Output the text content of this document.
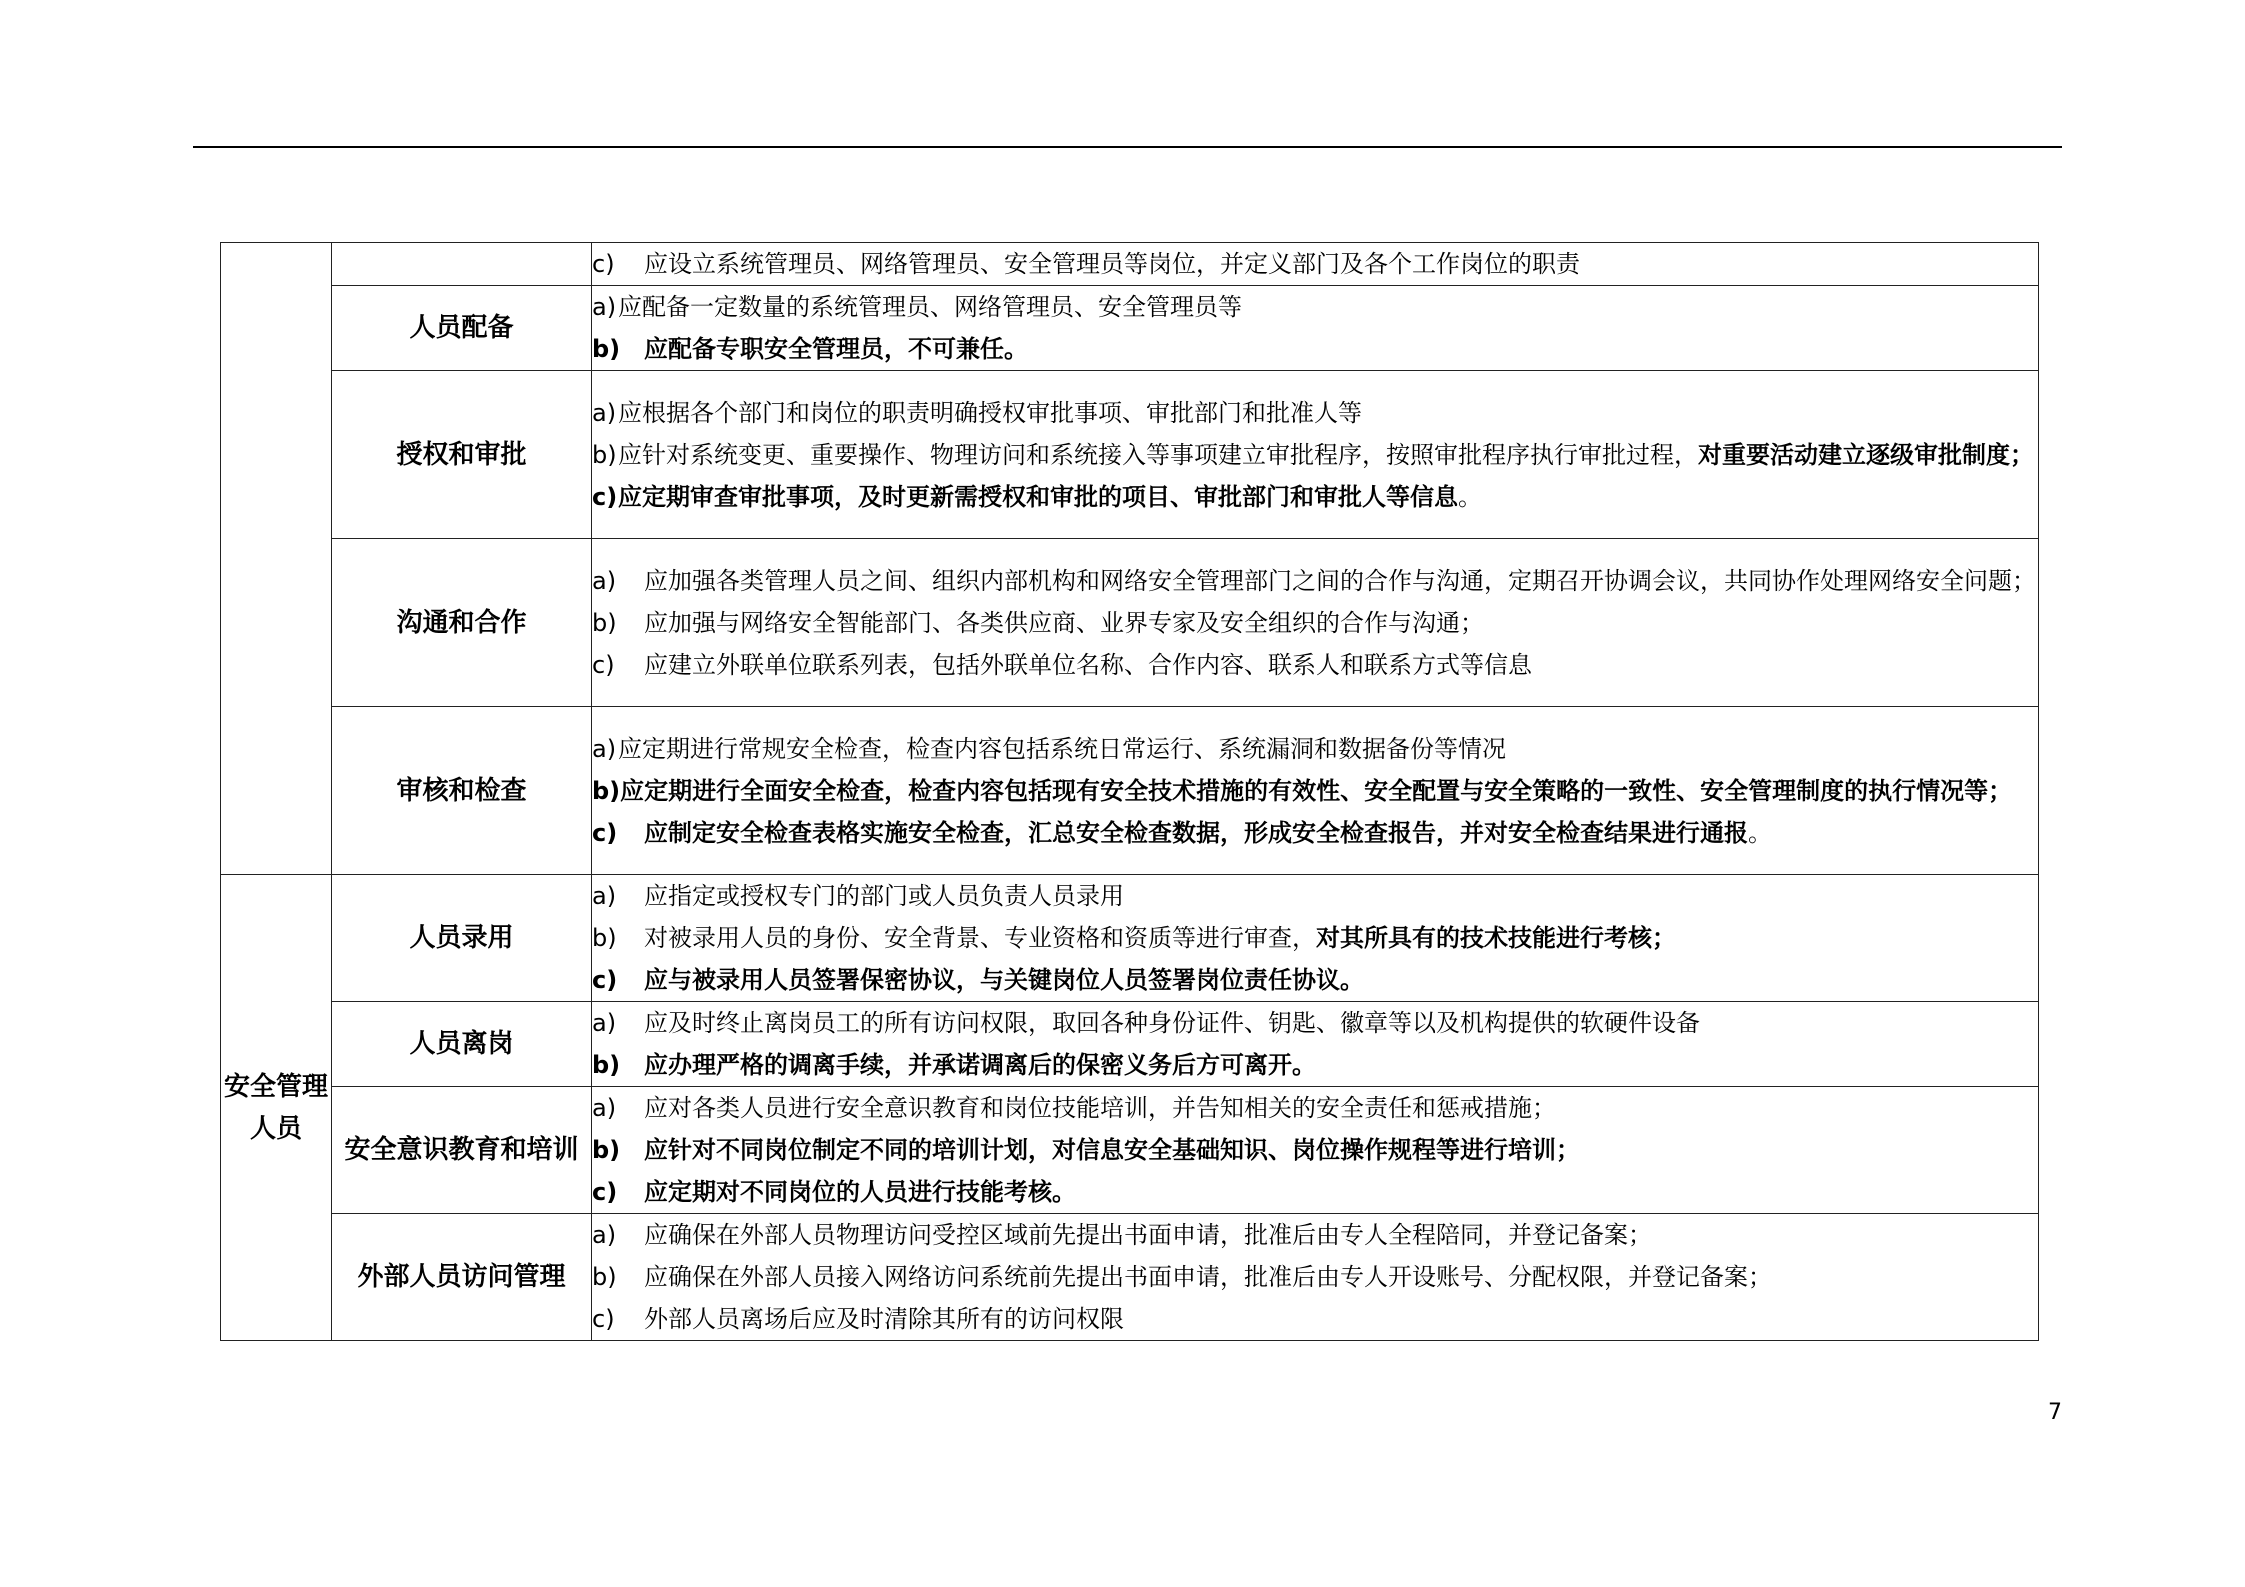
		c) 应设立系统管理员、网络管理员、安全管理员等岗位，并定义部门及各个工作岗位的职责

	人员配备	a)应配备一定数量的系统管理员、网络管理员、安全管理员等
b) 应配备专职安全管理员，不可兼任。

	授权和审批	a)应根据各个部门和岗位的职责明确授权审批事项、审批部门和批准人等
b)应针对系统变更、重要操作、物理访问和系统接入等事项建立审批程序，按照审批程序执行审批过程，对重要活动建立逐级审批制度；
c)应定期审查审批事项，及时更新需授权和审批的项目、审批部门和审批人等信息。

	沟通和合作	a) 应加强各类管理人员之间、组织内部机构和网络安全管理部门之间的合作与沟通，定期召开协调会议，共同协作处理网络安全问题；
b) 应加强与网络安全智能部门、各类供应商、业界专家及安全组织的合作与沟通；
c) 应建立外联单位联系列表，包括外联单位名称、合作内容、联系人和联系方式等信息

	审核和检查	a)应定期进行常规安全检查，检查内容包括系统日常运行、系统漏洞和数据备份等情况
b)应定期进行全面安全检查，检查内容包括现有安全技术措施的有效性、安全配置与安全策略的一致性、安全管理制度的执行情况等；
c) 应制定安全检查表格实施安全检查，汇总安全检查数据，形成安全检查报告，并对安全检查结果进行通报。

安全管理人员	人员录用	a) 应指定或授权专门的部门或人员负责人员录用
b) 对被录用人员的身份、安全背景、专业资格和资质等进行审查，对其所具有的技术技能进行考核；
c) 应与被录用人员签署保密协议，与关键岗位人员签署岗位责任协议。

	人员离岗	a) 应及时终止离岗员工的所有访问权限，取回各种身份证件、钥匙、徽章等以及机构提供的软硬件设备
b) 应办理严格的调离手续，并承诺调离后的保密义务后方可离开。

	安全意识教育和培训	a) 应对各类人员进行安全意识教育和岗位技能培训，并告知相关的安全责任和惩戒措施；
b) 应针对不同岗位制定不同的培训计划，对信息安全基础知识、岗位操作规程等进行培训；
c) 应定期对不同岗位的人员进行技能考核。

	外部人员访问管理	a) 应确保在外部人员物理访问受控区域前先提出书面申请，批准后由专人全程陪同，并登记备案；
b) 应确保在外部人员接入网络访问系统前先提出书面申请，批准后由专人开设账号、分配权限，并登记备案；
c) 外部人员离场后应及时清除其所有的访问权限
7
